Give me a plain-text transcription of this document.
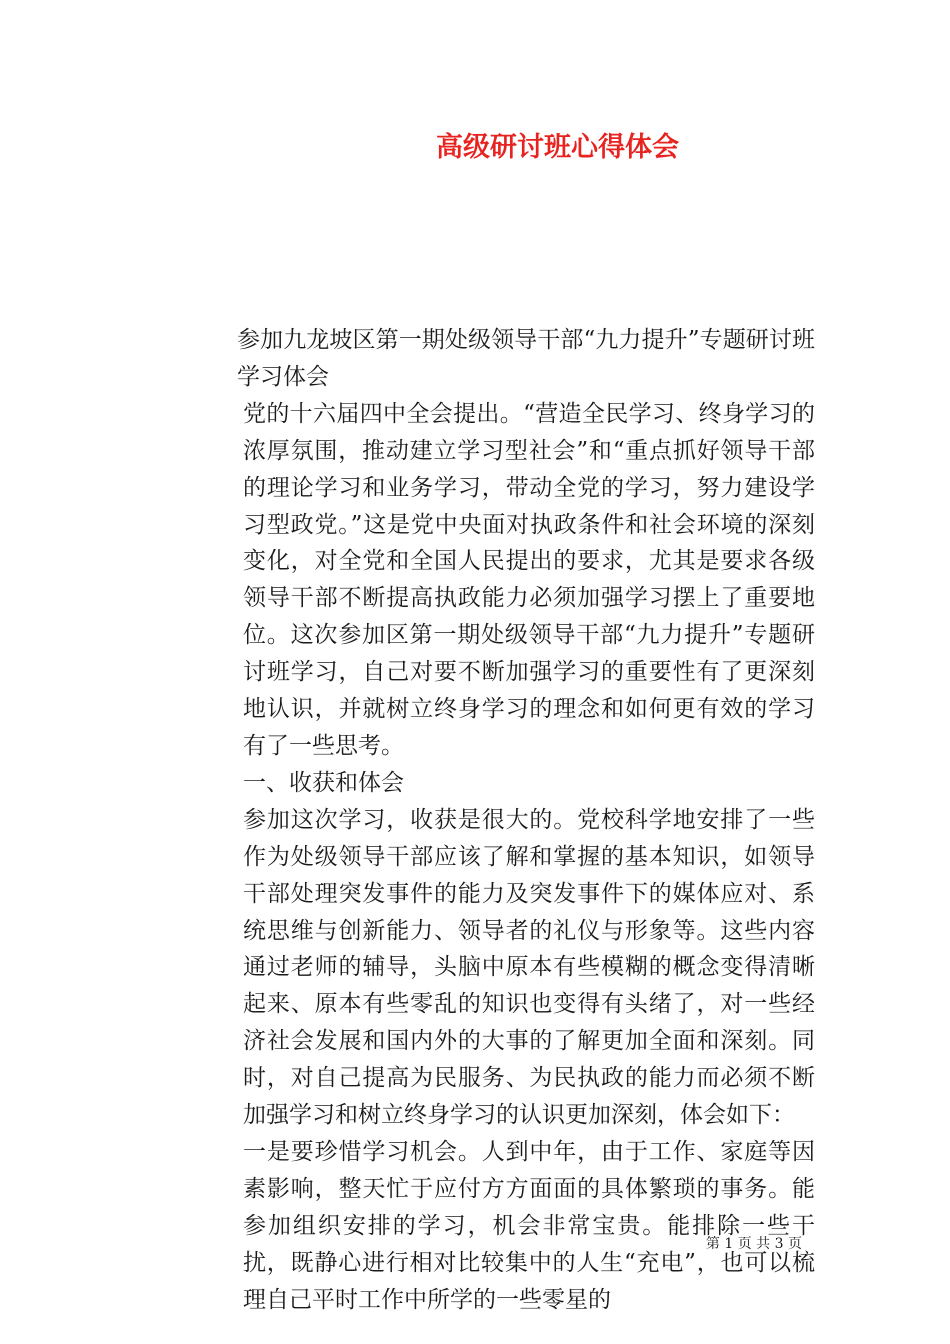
高级研讨班心得体会

参加九龙坡区第一期处级领导干部“九力提升”专题研讨班学习体会

党的十六届四中全会提出。“营造全民学习、终身学习的浓厚氛围，推动建立学习型社会”和“重点抓好领导干部的理论学习和业务学习，带动全党的学习，努力建设学习型政党。”这是党中央面对执政条件和社会环境的深刻变化，对全党和全国人民提出的要求，尤其是要求各级领导干部不断提高执政能力必须加强学习摆上了重要地位。这次参加区第一期处级领导干部“九力提升”专题研讨班学习，自己对要不断加强学习的重要性有了更深刻地认识，并就树立终身学习的理念和如何更有效的学习有了一些思考。

一、收获和体会

参加这次学习，收获是很大的。党校科学地安排了一些作为处级领导干部应该了解和掌握的基本知识，如领导干部处理突发事件的能力及突发事件下的媒体应对、系统思维与创新能力、领导者的礼仪与形象等。这些内容通过老师的辅导，头脑中原本有些模糊的概念变得清晰起来、原本有些零乱的知识也变得有头绪了，对一些经济社会发展和国内外的大事的了解更加全面和深刻。同时，对自己提高为民服务、为民执政的能力而必须不断加强学习和树立终身学习的认识更加深刻，体会如下：

一是要珍惜学习机会。人到中年，由于工作、家庭等因素影响，整天忙于应付方方面面的具体繁琐的事务。能参加组织安排的学习，机会非常宝贵。能排除一些干扰，既静心进行相对比较集中的人生“充电”，也可以梳理自己平时工作中所学的一些零星的

第 1 页 共 3 页
